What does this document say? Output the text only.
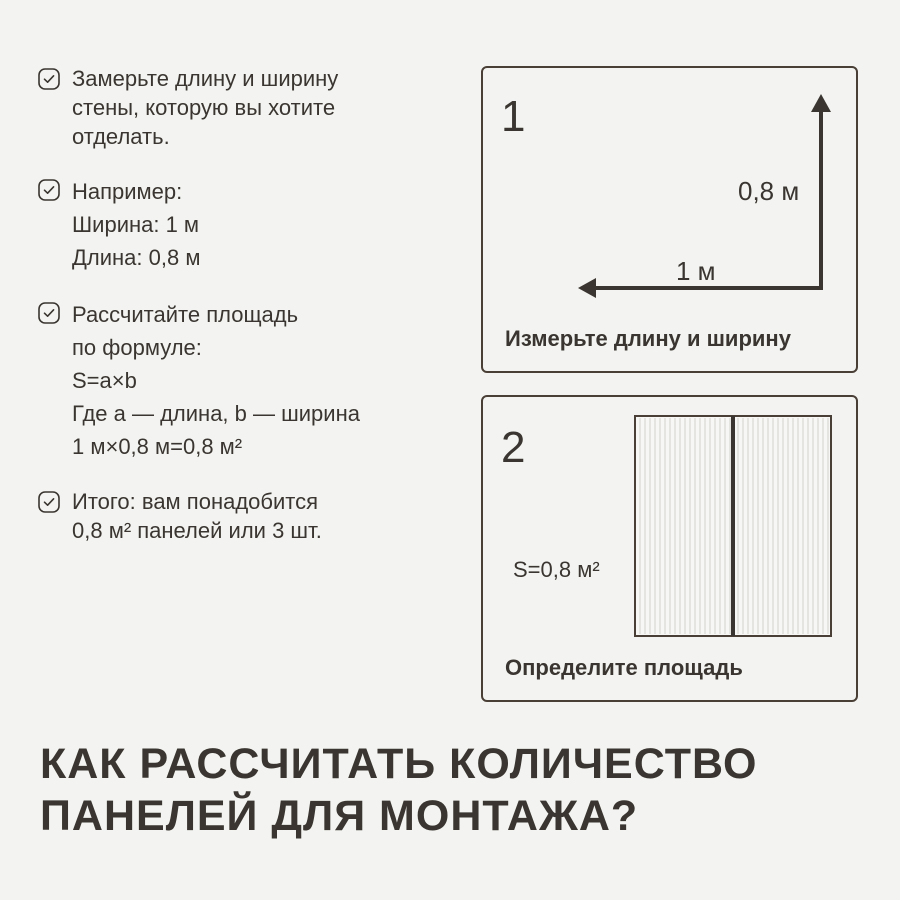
Замерьте длину и ширину
стены, которую вы хотите
отделать.
Например:
Ширина: 1 м
Длина: 0,8 м
Рассчитайте площадь
по формуле:
S=a×b
Где a — длина, b — ширина
1 м×0,8 м=0,8 м²
Итого: вам понадобится
0,8 м² панелей или 3 шт.
1
0,8 м
1 м
Измерьте длину и ширину
2
S=0,8 м²
Определите площадь
КАК РАССЧИТАТЬ КОЛИЧЕСТВО
ПАНЕЛЕЙ ДЛЯ МОНТАЖА?
